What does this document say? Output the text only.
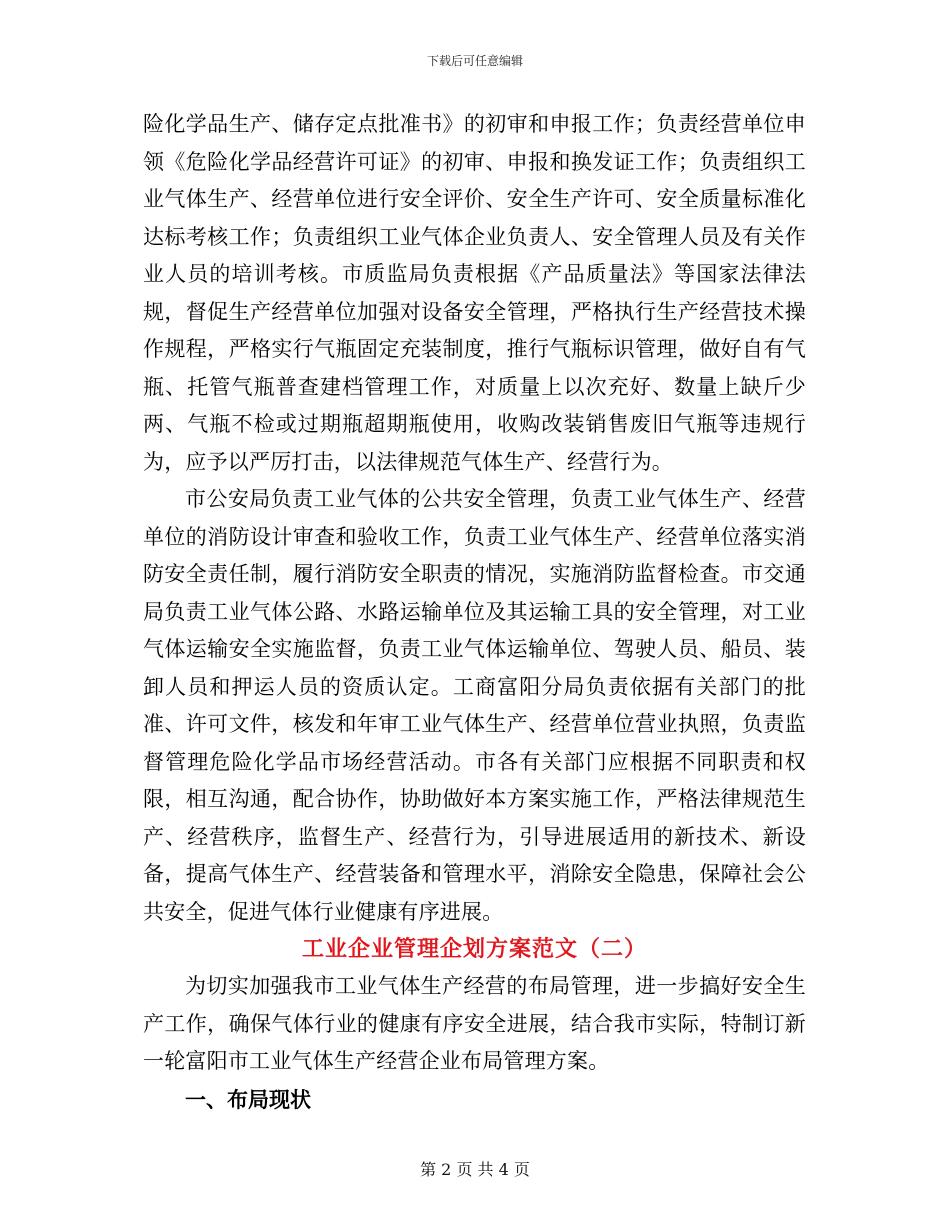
下载后可任意编辑

险化学品生产、储存定点批准书》的初审和申报工作；负责经营单位申领《危险化学品经营许可证》的初审、申报和换发证工作；负责组织工业气体生产、经营单位进行安全评价、安全生产许可、安全质量标准化达标考核工作；负责组织工业气体企业负责人、安全管理人员及有关作业人员的培训考核。市质监局负责根据《产品质量法》等国家法律法规，督促生产经营单位加强对设备安全管理，严格执行生产经营技术操作规程，严格实行气瓶固定充装制度，推行气瓶标识管理，做好自有气瓶、托管气瓶普查建档管理工作，对质量上以次充好、数量上缺斤少两、气瓶不检或过期瓶超期瓶使用，收购改装销售废旧气瓶等违规行为，应予以严厉打击，以法律规范气体生产、经营行为。

市公安局负责工业气体的公共安全管理，负责工业气体生产、经营单位的消防设计审查和验收工作，负责工业气体生产、经营单位落实消防安全责任制，履行消防安全职责的情况，实施消防监督检查。市交通局负责工业气体公路、水路运输单位及其运输工具的安全管理，对工业气体运输安全实施监督，负责工业气体运输单位、驾驶人员、船员、装卸人员和押运人员的资质认定。工商富阳分局负责依据有关部门的批准、许可文件，核发和年审工业气体生产、经营单位营业执照，负责监督管理危险化学品市场经营活动。市各有关部门应根据不同职责和权限，相互沟通，配合协作，协助做好本方案实施工作，严格法律规范生产、经营秩序，监督生产、经营行为，引导进展适用的新技术、新设备，提高气体生产、经营装备和管理水平，消除安全隐患，保障社会公共安全，促进气体行业健康有序进展。

工业企业管理企划方案范文（二）

为切实加强我市工业气体生产经营的布局管理，进一步搞好安全生产工作，确保气体行业的健康有序安全进展，结合我市实际，特制订新一轮富阳市工业气体生产经营企业布局管理方案。

一、布局现状
第 2 页 共 4 页
